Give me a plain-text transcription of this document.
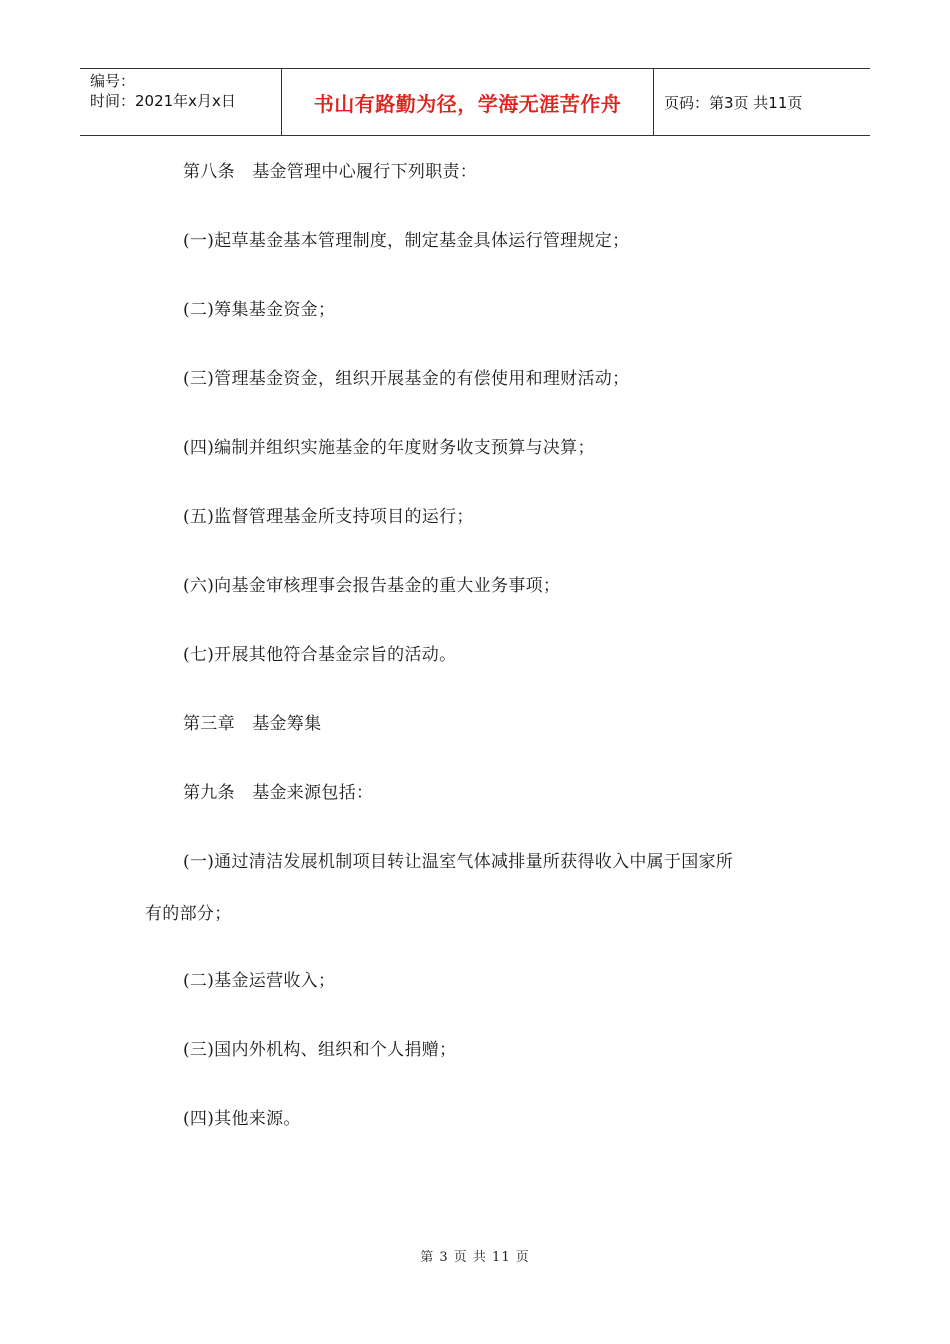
编号：
时间：2021年x月x日	书山有路勤为径，学海无涯苦作舟	页码：第3页 共11页
第八条　基金管理中心履行下列职责：
(一)起草基金基本管理制度，制定基金具体运行管理规定；
(二)筹集基金资金；
(三)管理基金资金，组织开展基金的有偿使用和理财活动；
(四)编制并组织实施基金的年度财务收支预算与决算；
(五)监督管理基金所支持项目的运行；
(六)向基金审核理事会报告基金的重大业务事项；
(七)开展其他符合基金宗旨的活动。
第三章　基金筹集
第九条　基金来源包括：
(一)通过清洁发展机制项目转让温室气体减排量所获得收入中属于国家所
有的部分；
(二)基金运营收入；
(三)国内外机构、组织和个人捐赠；
(四)其他来源。
第 3 页 共 11 页
